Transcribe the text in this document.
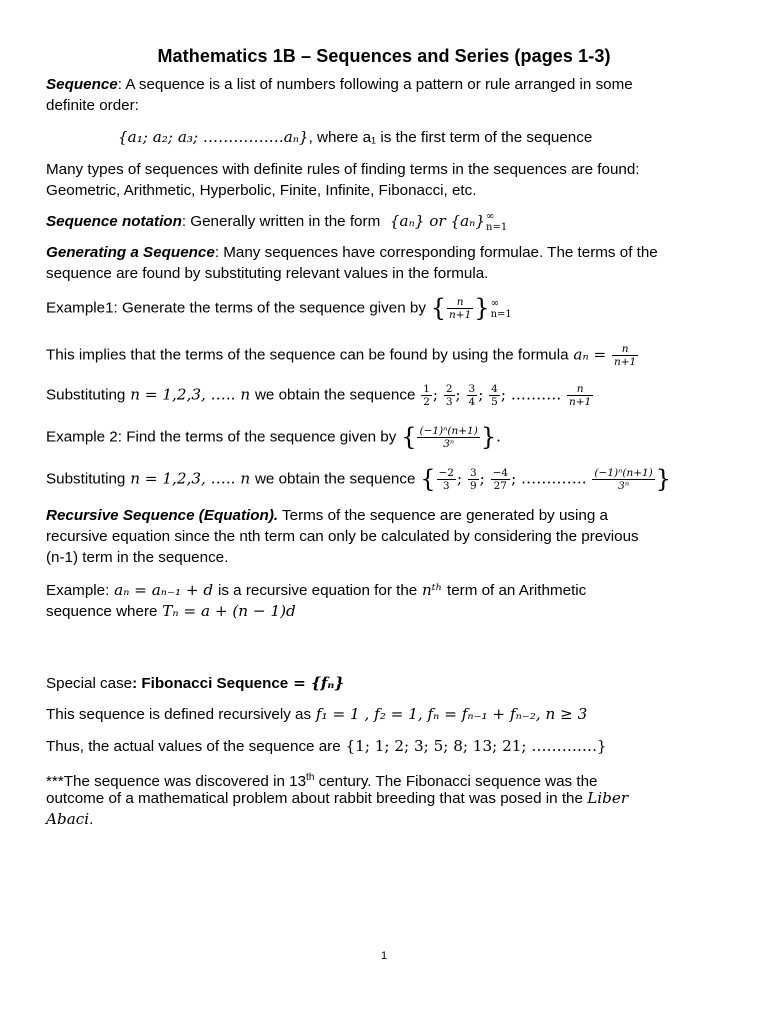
Mathematics 1B – Sequences and Series (pages 1-3)
Sequence: A sequence is a list of numbers following a pattern or rule arranged in some
definite order:
{a₁; a₂; a₃; …………….aₙ}, where a₁ is the first term of the sequence
Many types of sequences with definite rules of finding terms in the sequences are found:
Geometric, Arithmetic, Hyperbolic, Finite, Infinite, Fibonacci, etc.
Sequence notation: Generally written in the form {aₙ} or {aₙ} ∞
n=1
Generating a Sequence: Many sequences have corresponding formulae. The terms of the
sequence are found by substituting relevant values in the formula.
Example1: Generate the terms of the sequence given by { $\frac{n}{n+1}$ } ∞
n=1
This implies that the terms of the sequence can be found by using the formula $a_n = \frac{n}{n+1}$
Substituting n = 1,2,3, ….. n we obtain the sequence $\frac{1}{2}$ ; $\frac{2}{3}$ ; $\frac{3}{4}$ ; $\frac{4}{5}$ ; ………. $\frac{n}{n+1}$
Example 2: Find the terms of the sequence given by { $\frac{\text{(−1)ⁿ(n+1)}}{\text{3ⁿ}}$ }.
Substituting n = 1,2,3, ….. n we obtain the sequence { $\frac{-2}{3}$ ; $\frac{3}{9}$ ; $\frac{-4}{27}$ ; …………. $\frac{\text{(−1)ⁿ(n+1)}}{\text{3ⁿ}}$ }
Recursive Sequence (Equation). Terms of the sequence are generated by using a
recursive equation since the nth term can only be calculated by considering the previous
(n-1) term in the sequence.
Example: aₙ = aₙ₋₁ + d is a recursive equation for the nᵗʰ term of an Arithmetic
sequence where Tₙ = a + (n − 1)d
Special case: Fibonacci Sequence = {fₙ}
This sequence is defined recursively as f₁ = 1 , f₂ = 1, fₙ = fₙ₋₁ + fₙ₋₂, n ≥ 3
Thus, the actual values of the sequence are {1; 1; 2; 3; 5; 8; 13; 21; ………….}
***The sequence was discovered in 13th century. The Fibonacci sequence was the
outcome of a mathematical problem about rabbit breeding that was posed in the Liber
Abaci.
1
